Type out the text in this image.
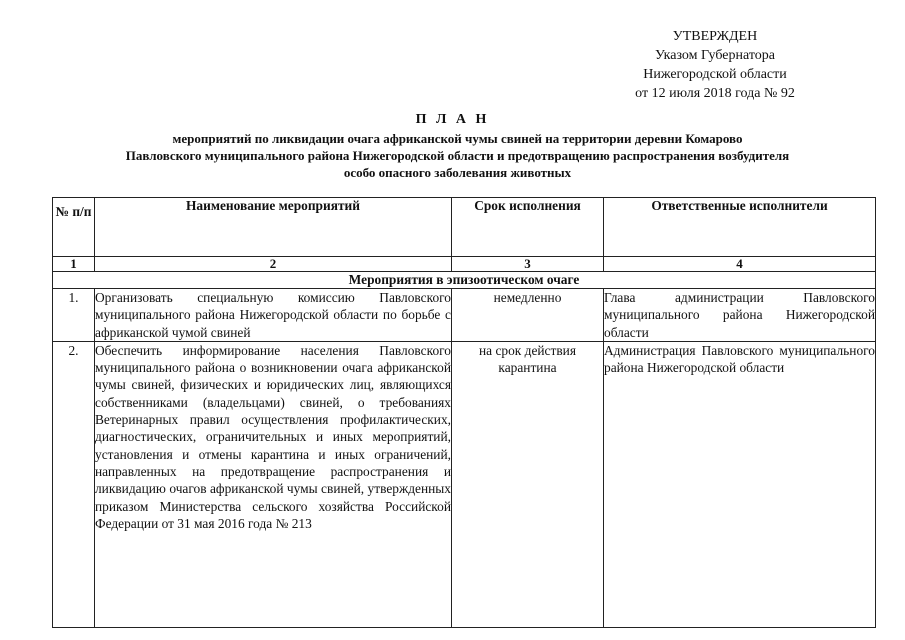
УТВЕРЖДЕН
Указом Губернатора
Нижегородской области
от 12 июля 2018 года № 92
П Л А Н
мероприятий по ликвидации очага африканской чумы свиней на территории деревни Комарово
Павловского муниципального района Нижегородской области и предотвращению распространения возбудителя
особо опасного заболевания животных
№ п/п	Наименование мероприятий	Срок исполнения	Ответственные исполнители
1	2	3	4
Мероприятия в эпизоотическом очаге			
1.	Организовать специальную комиссию Павловского муниципального района Нижегородской области по борьбе с африканской чумой свиней	немедленно	Глава администрации Павловского муниципального района Нижегородской области
2.	Обеспечить информирование населения Павловского муниципального района о возникновении очага африканской чумы свиней, физических и юридических лиц, являющихся собственниками (владельцами) свиней, о требованиях Ветеринарных правил осуществления профилактических, диагностических, ограничительных и иных мероприятий, установления и отмены карантина и иных ограничений, направленных на предотвращение распространения и ликвидацию очагов африканской чумы свиней, утвержденных приказом Министерства сельского хозяйства Российской Федерации от 31 мая 2016 года № 213	на срок действия карантина	Администрация Павловского муниципального района Нижегородской области
